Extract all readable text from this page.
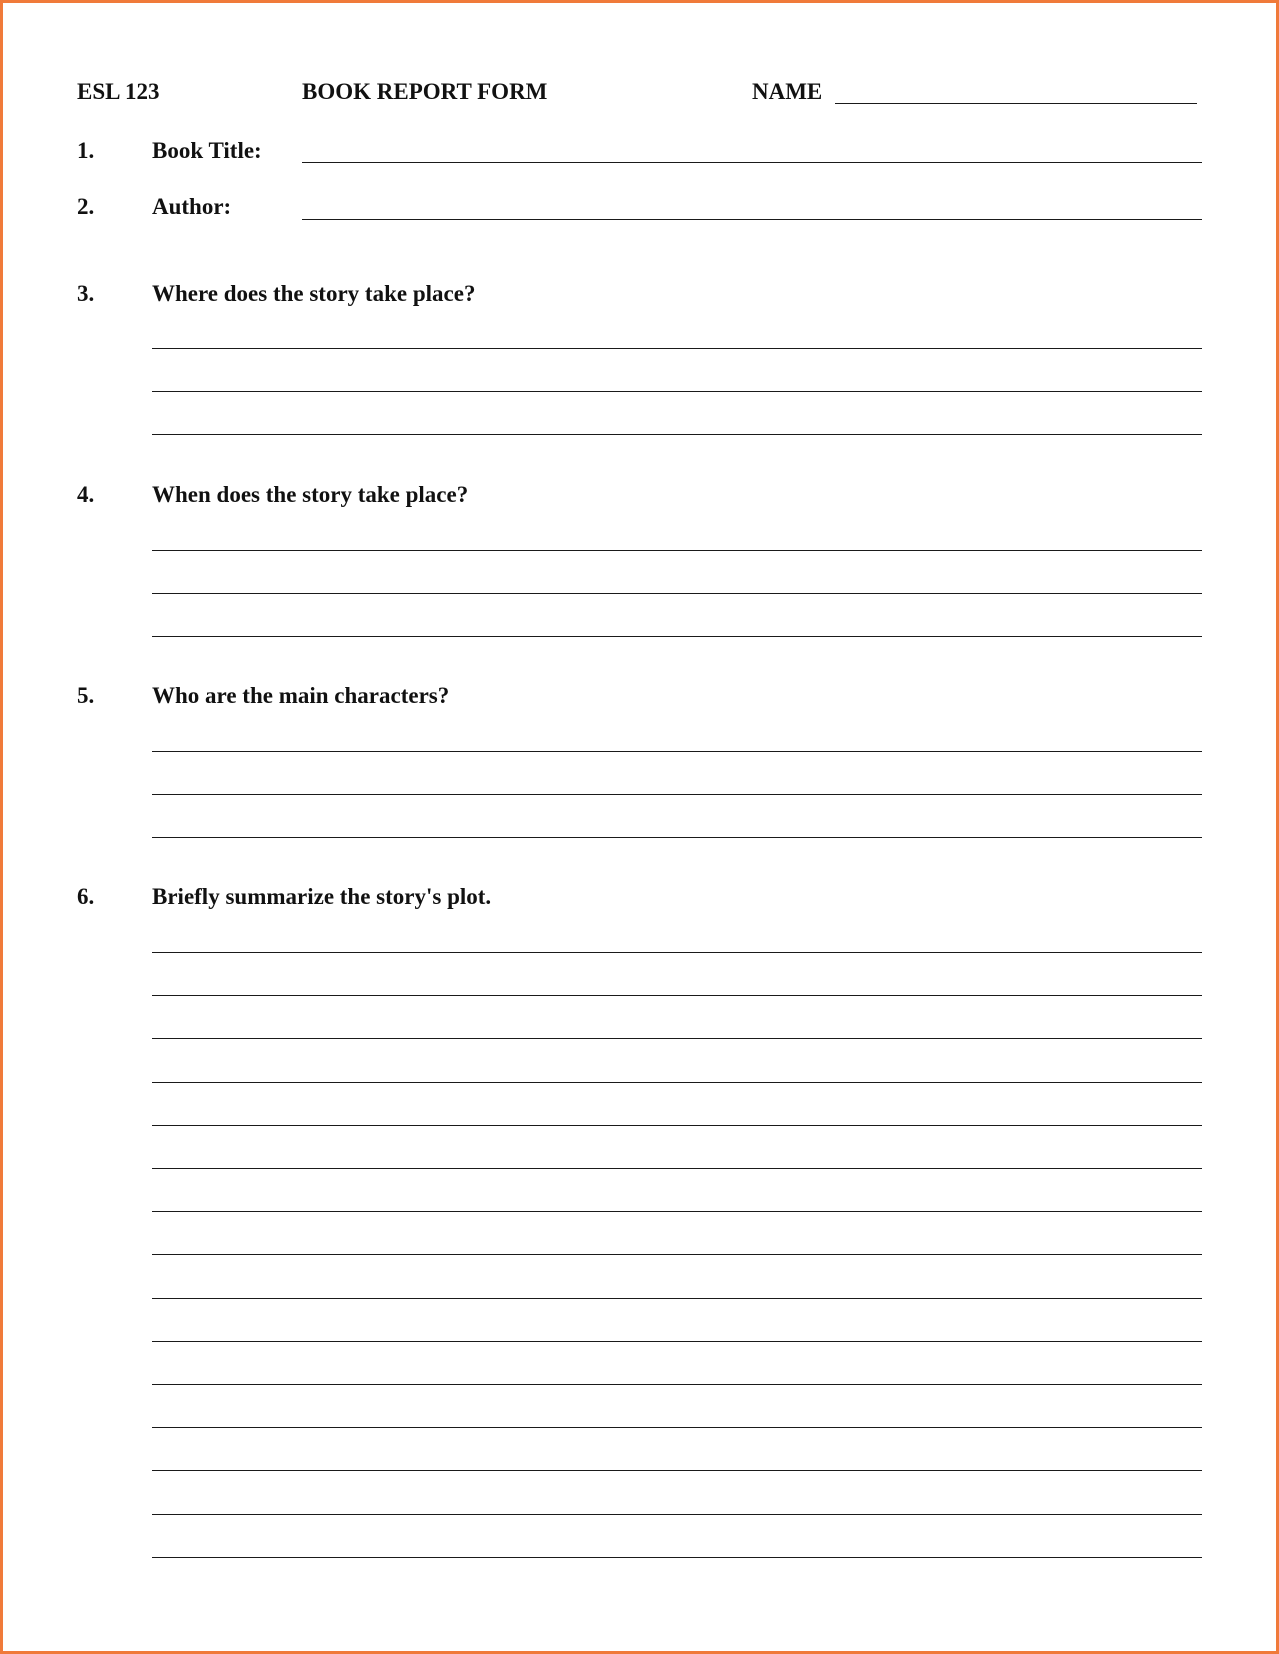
ESL 123	BOOK REPORT FORM	NAME
1.	Book Title:
2.	Author:
3.	Where does the story take place?
4.	When does the story take place?
5.	Who are the main characters?
6.	Briefly summarize the story's plot.
